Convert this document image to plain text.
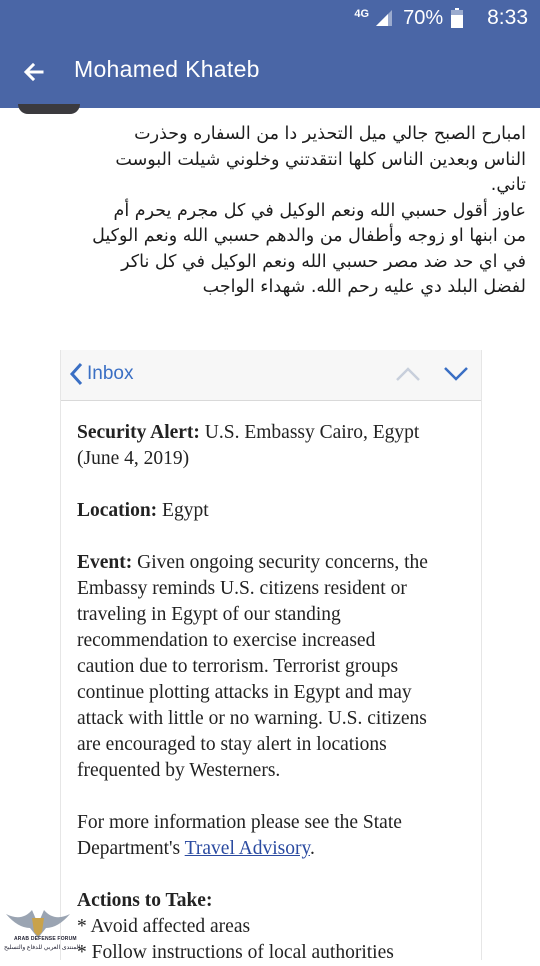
4G 70% 8:33
Mohamed Khateb

امبارح الصبح جالي ميل التحذير دا من السفاره وحذرت

الناس وبعدين الناس كلها انتقدتني وخلوني شيلت البوست

تاني.

عاوز أقول حسبي الله ونعم الوكيل في كل مجرم يحرم أم

من ابنها او زوجه وأطفال من والدهم حسبي الله ونعم الوكيل

في اي حد ضد مصر حسبي الله ونعم الوكيل في كل ناكر

لفضل البلد دي عليه رحم الله. شهداء الواجب

Inbox

Security Alert: U.S. Embassy Cairo, Egypt

(June 4, 2019)

Location: Egypt

Event: Given ongoing security concerns, the

Embassy reminds U.S. citizens resident or

traveling in Egypt of our standing

recommendation to exercise increased

caution due to terrorism. Terrorist groups

continue plotting attacks in Egypt and may

attack with little or no warning. U.S. citizens

are encouraged to stay alert in locations

frequented by Westerners.

For more information please see the State

Department's Travel Advisory.

Actions to Take:

* Avoid affected areas

* Follow instructions of local authorities

ARAB DEFENSE FORUM
المنتدى العربي للدفاع والتسليح
